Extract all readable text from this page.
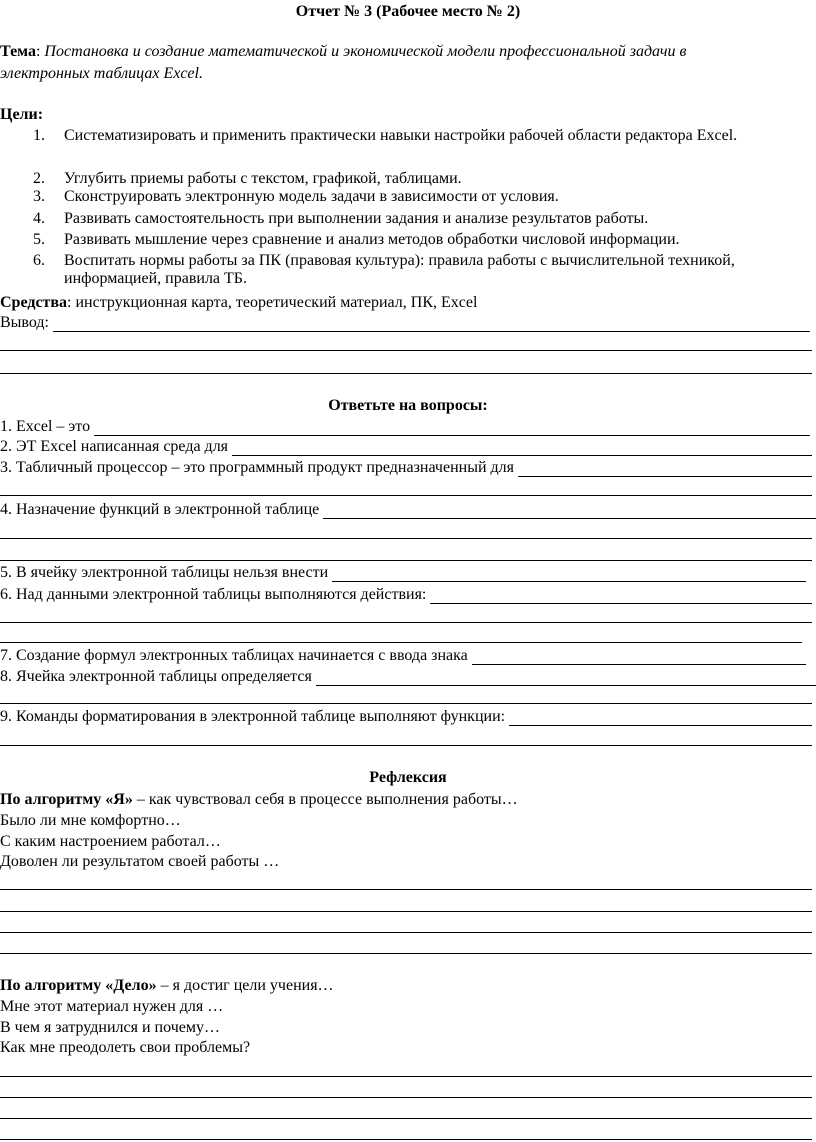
Отчет № 3 (Рабочее место № 2)
Тема: Постановка и создание математической и экономической модели профессиональной задачи в
электронных таблицах Excel.
Цели:
1. Систематизировать и применить практически навыки настройки рабочей области редактора Excel.
2. Углубить приемы работы с текстом, графикой, таблицами.
3. Сконструировать электронную модель задачи в зависимости от условия.
4. Развивать самостоятельность при выполнении задания и анализе результатов работы.
5. Развивать мышление через сравнение и анализ методов обработки числовой информации.
6. Воспитать нормы работы за ПК (правовая культура): правила работы с вычислительной техникой, информацией, правила ТБ.
Средства: инструкционная карта, теоретический материал, ПК, Excel
Вывод:
Ответьте на вопросы:
1. Excel – это
2. ЭТ Excel написанная среда для
3. Табличный процессор – это программный продукт предназначенный для
4. Назначение функций в электронной таблице
5. В ячейку электронной таблицы нельзя внести
6. Над данными электронной таблицы выполняются действия:
7. Создание формул электронных таблицах начинается с ввода знака
8. Ячейка электронной таблицы определяется
9. Команды форматирования в электронной таблице выполняют функции:
Рефлексия
По алгоритму «Я» – как чувствовал себя в процессе выполнения работы…
Было ли мне комфортно…
С каким настроением работал…
Доволен ли результатом своей работы …
По алгоритму «Дело» – я достиг цели учения…
Мне этот материал нужен для …
В чем я затруднился и почему…
Как мне преодолеть свои проблемы?
